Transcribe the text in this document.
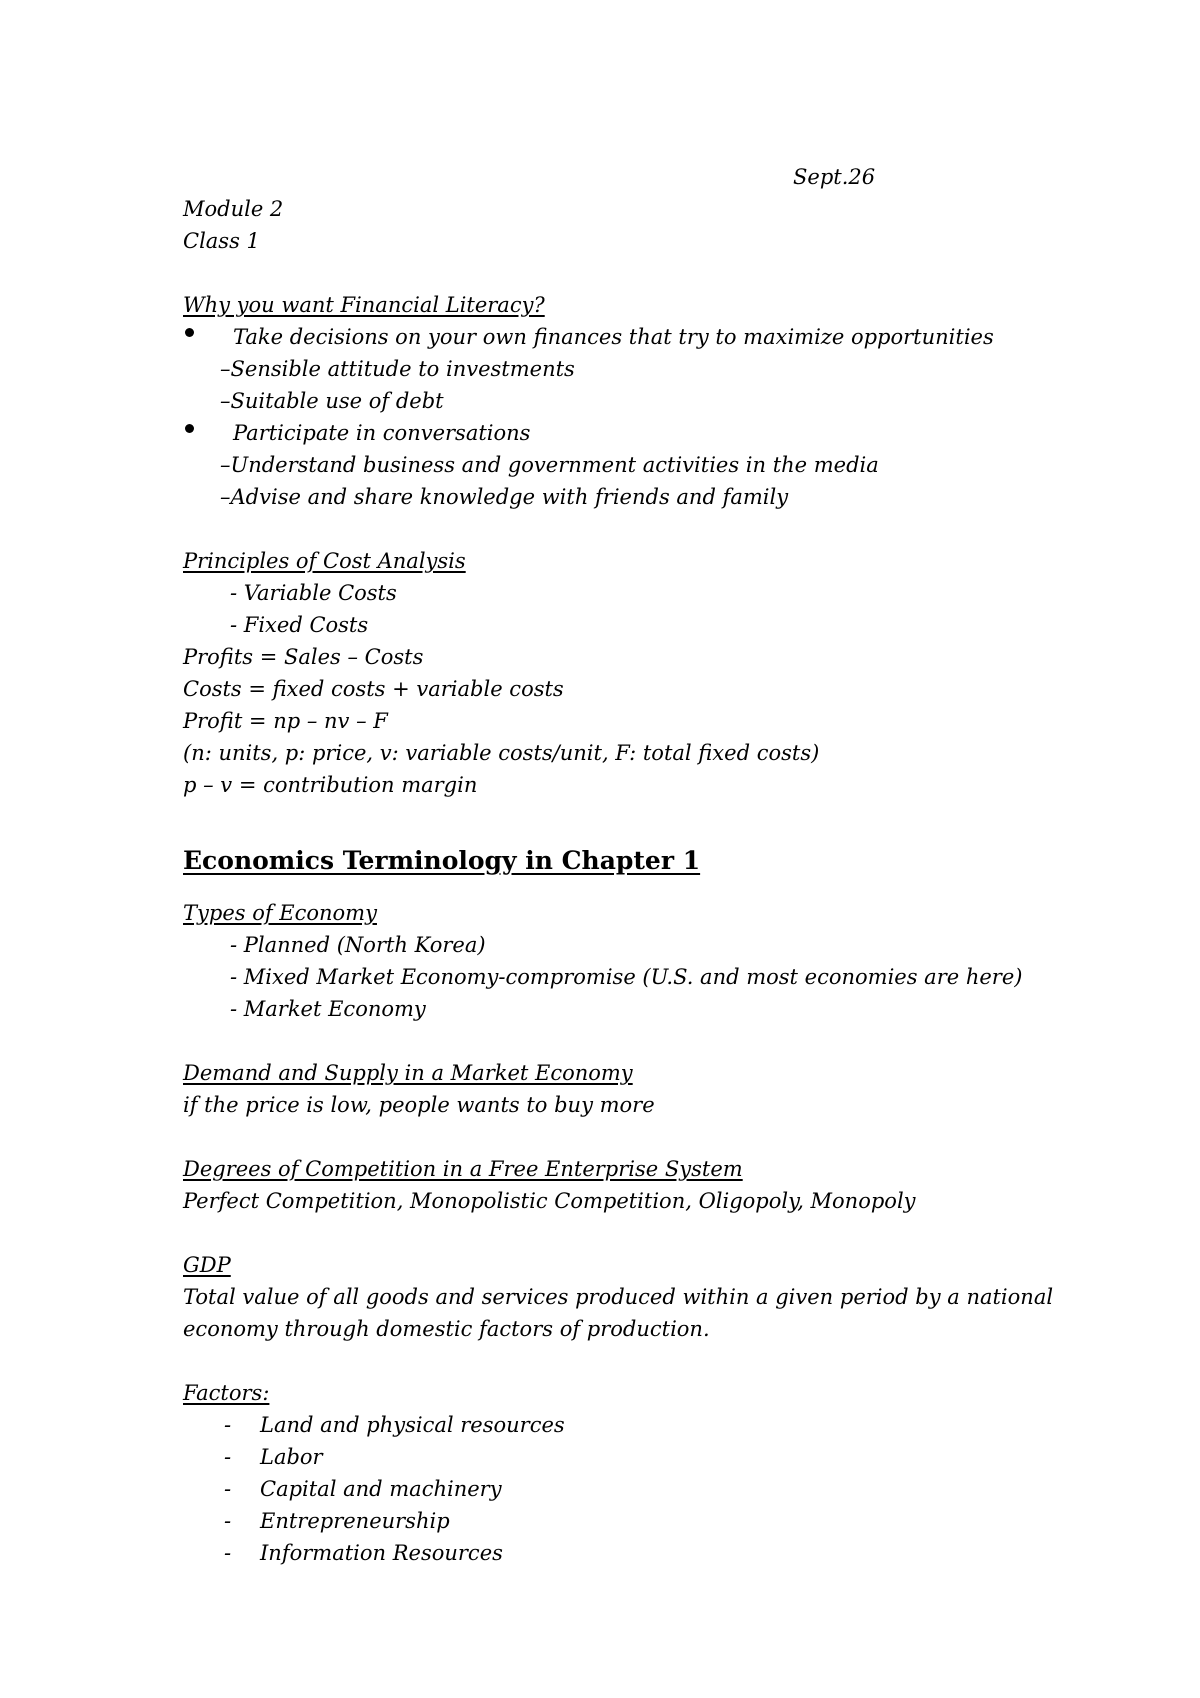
Sept.26
Module 2
Class 1
Why you want Financial Literacy?
Take decisions on your own finances that try to maximize opportunities
–Sensible attitude to investments
–Suitable use of debt
Participate in conversations
–Understand business and government activities in the media
–Advise and share knowledge with friends and family
Principles of Cost Analysis
- Variable Costs
- Fixed Costs
Profits = Sales – Costs
Costs = fixed costs + variable costs
Profit = np – nv – F
(n: units, p: price, v: variable costs/unit, F: total fixed costs)
p – v = contribution margin
Economics Terminology in Chapter 1
Types of Economy
- Planned (North Korea)
- Mixed Market Economy-compromise (U.S. and most economies are here)
- Market Economy
Demand and Supply in a Market Economy
if the price is low, people wants to buy more
Degrees of Competition in a Free Enterprise System
Perfect Competition, Monopolistic Competition, Oligopoly, Monopoly
GDP
Total value of all goods and services produced within a given period by a national
economy through domestic factors of production.
Factors:
- Land and physical resources
- Labor
- Capital and machinery
- Entrepreneurship
- Information Resources
